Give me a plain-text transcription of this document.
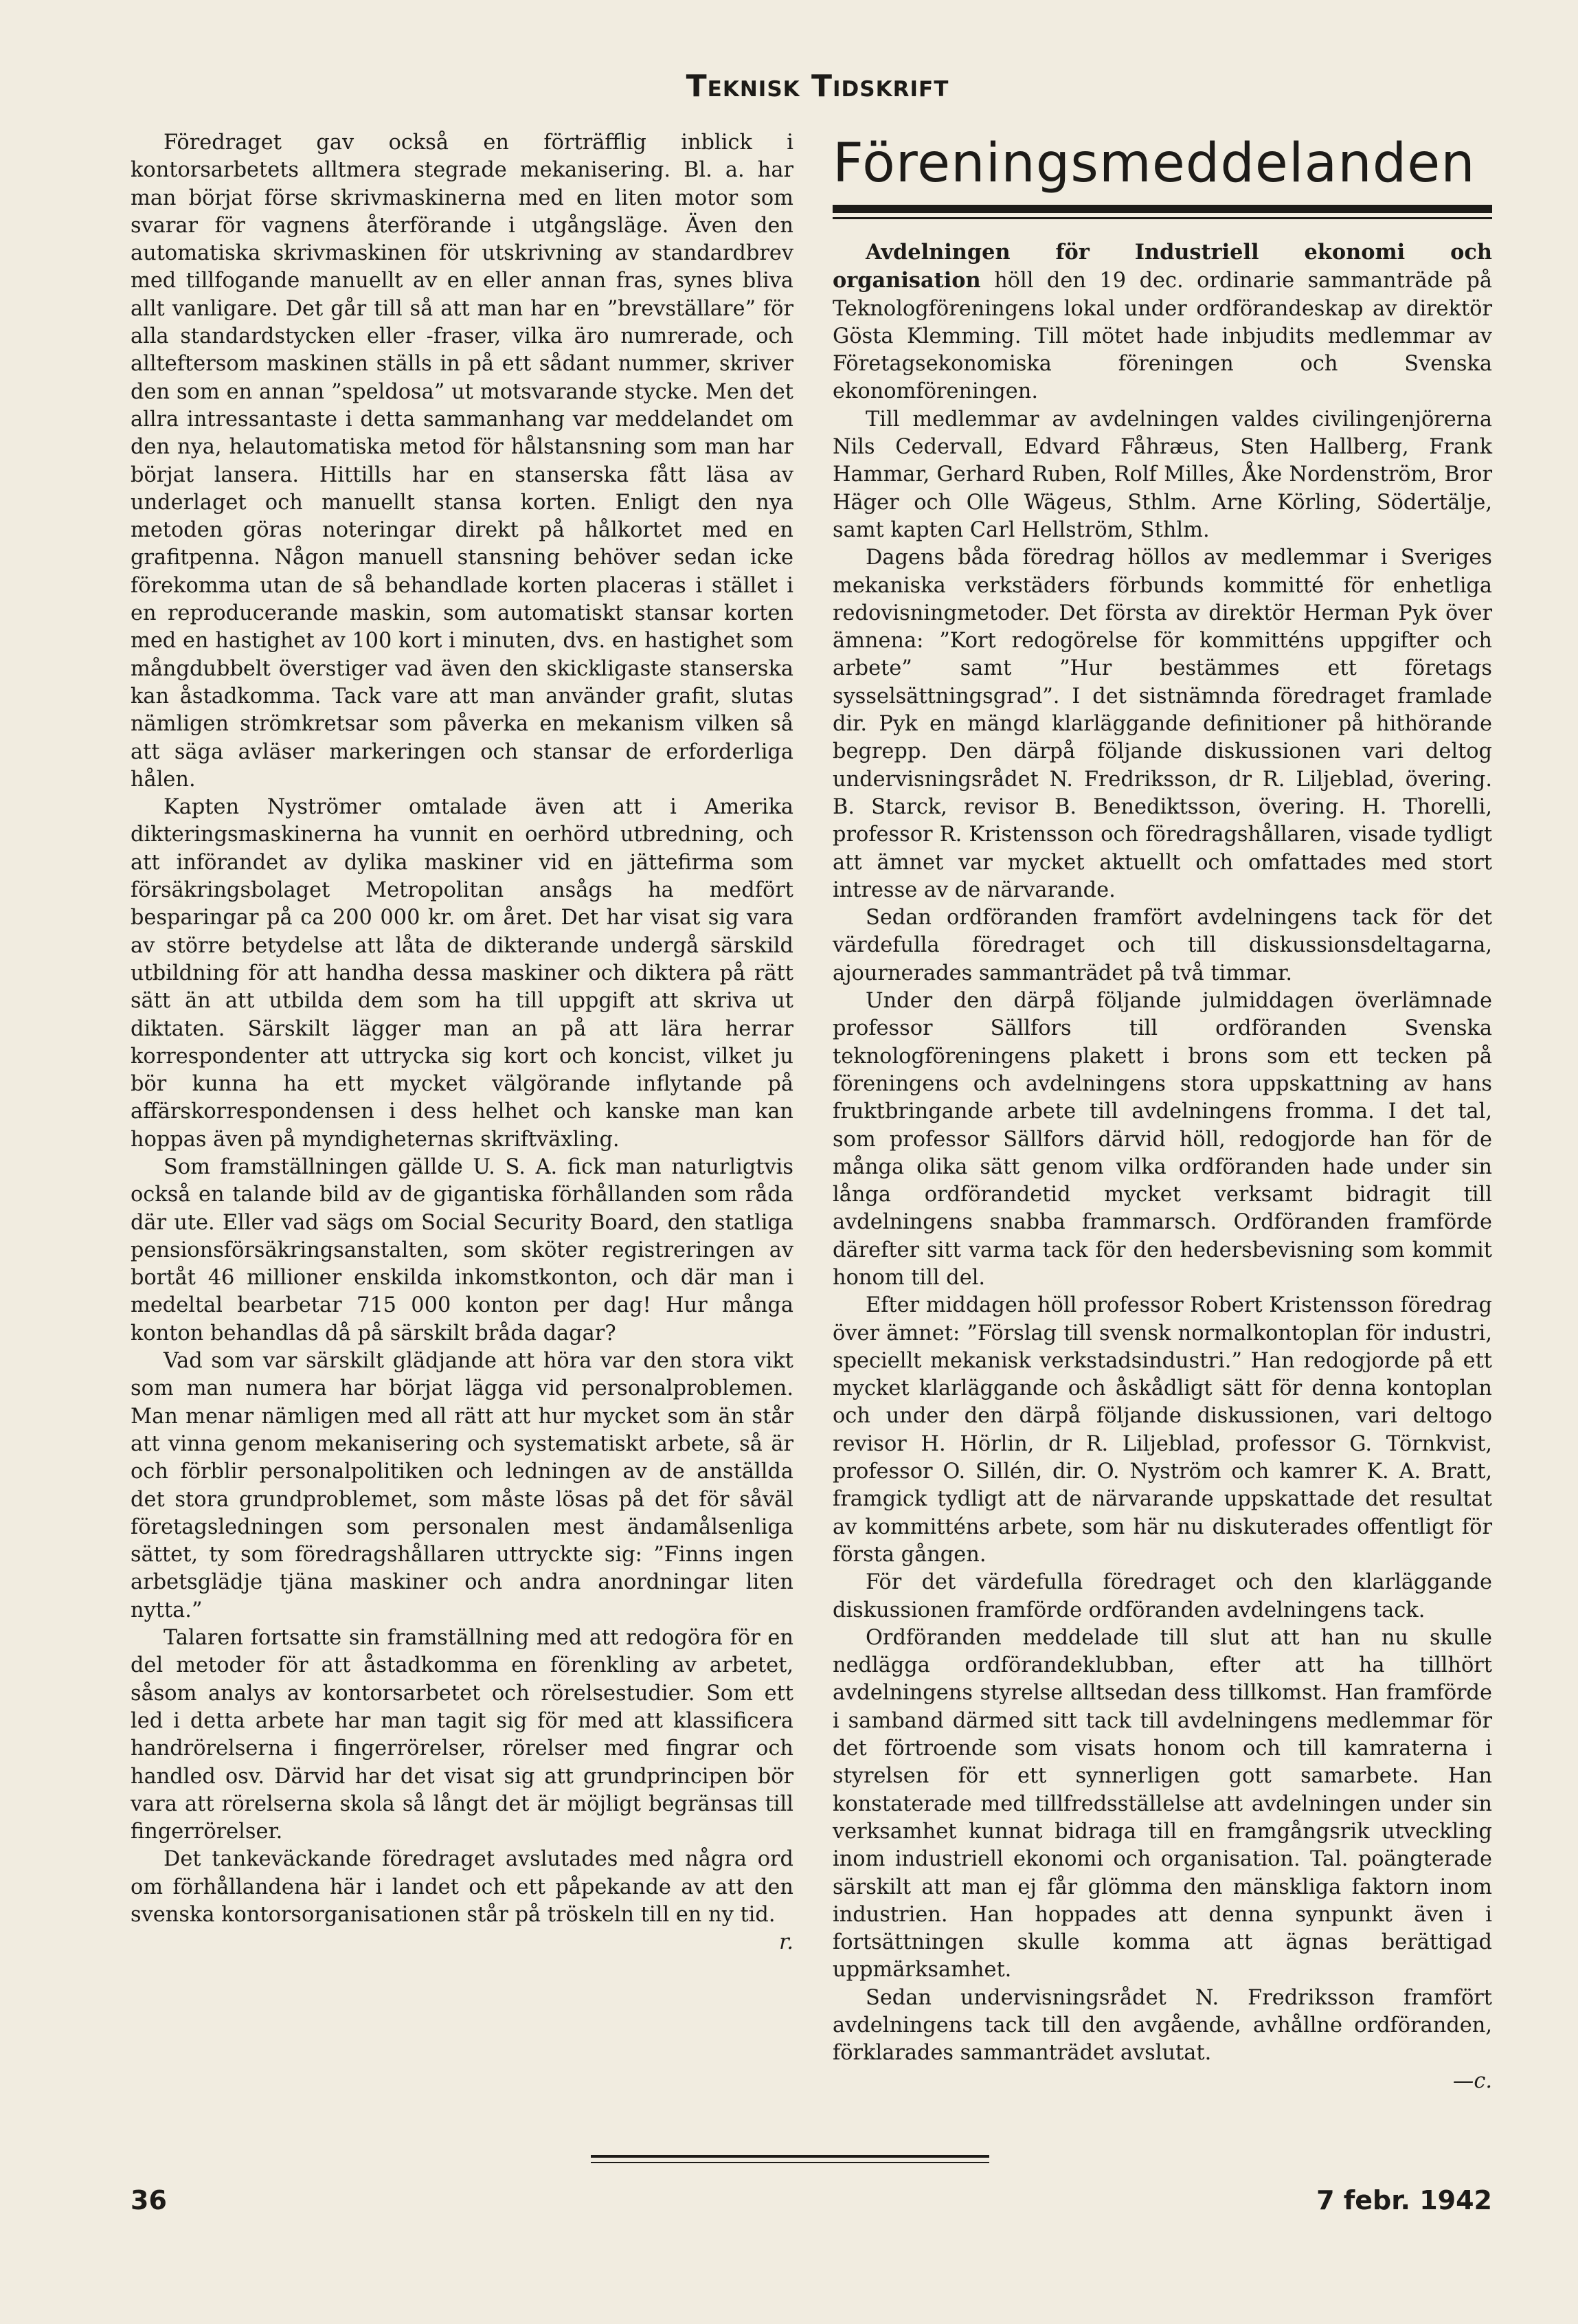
Teknisk Tidskrift

Föredraget gav också en förträfflig inblick i kontorsarbetets alltmera stegrade mekanisering. Bl. a. har man börjat förse skrivmaskinerna med en liten motor som svarar för vagnens återförande i utgångsläge. Även den automatiska skrivmaskinen för utskrivning av standardbrev med tillfogande manuellt av en eller annan fras, synes bliva allt vanligare. Det går till så att man har en ”brevställare” för alla standardstycken eller -fraser, vilka äro numrerade, och allteftersom maskinen ställs in på ett sådant nummer, skriver den som en annan ”speldosa” ut motsvarande stycke. Men det allra intressantaste i detta sammanhang var meddelandet om den nya, helautomatiska metod för hålstansning som man har börjat lansera. Hittills har en stanserska fått läsa av underlaget och manuellt stansa korten. Enligt den nya metoden göras noteringar direkt på hålkortet med en grafitpenna. Någon manuell stansning behöver sedan icke förekomma utan de så behandlade korten placeras i stället i en reproducerande maskin, som automatiskt stansar korten med en hastighet av 100 kort i minuten, dvs. en hastighet som mångdubbelt överstiger vad även den skickligaste stanserska kan åstadkomma. Tack vare att man använder grafit, slutas nämligen strömkretsar som påverka en mekanism vilken så att säga avläser markeringen och stansar de erforderliga hålen.

Kapten Nyströmer omtalade även att i Amerika dikteringsmaskinerna ha vunnit en oerhörd utbredning, och att införandet av dylika maskiner vid en jättefirma som försäkringsbolaget Metropolitan ansågs ha medfört besparingar på ca 200 000 kr. om året. Det har visat sig vara av större betydelse att låta de dikterande undergå särskild utbildning för att handha dessa maskiner och diktera på rätt sätt än att utbilda dem som ha till uppgift att skriva ut diktaten. Särskilt lägger man an på att lära herrar korrespondenter att uttrycka sig kort och koncist, vilket ju bör kunna ha ett mycket välgörande inflytande på affärskorrespondensen i dess helhet och kanske man kan hoppas även på myndigheternas skriftväxling.

Som framställningen gällde U. S. A. fick man naturligtvis också en talande bild av de gigantiska förhållanden som råda där ute. Eller vad sägs om Social Security Board, den statliga pensionsförsäkringsanstalten, som sköter registreringen av bortåt 46 millioner enskilda inkomstkonton, och där man i medeltal bearbetar 715 000 konton per dag! Hur många konton behandlas då på särskilt bråda dagar?

Vad som var särskilt glädjande att höra var den stora vikt som man numera har börjat lägga vid personalproblemen. Man menar nämligen med all rätt att hur mycket som än står att vinna genom mekanisering och systematiskt arbete, så är och förblir personalpolitiken och ledningen av de anställda det stora grundproblemet, som måste lösas på det för såväl företagsledningen som personalen mest ändamålsenliga sättet, ty som föredragshållaren uttryckte sig: ”Finns ingen arbetsglädje tjäna maskiner och andra anordningar liten nytta.”

Talaren fortsatte sin framställning med att redogöra för en del metoder för att åstadkomma en förenkling av arbetet, såsom analys av kontorsarbetet och rörelsestudier. Som ett led i detta arbete har man tagit sig för med att klassificera handrörelserna i fingerrörelser, rörelser med fingrar och handled osv. Därvid har det visat sig att grundprincipen bör vara att rörelserna skola så långt det är möjligt begränsas till fingerrörelser.

Det tankeväckande föredraget avslutades med några ord om förhållandena här i landet och ett påpekande av att den svenska kontorsorganisationen står på tröskeln till en ny tid.

r.
Föreningsmeddelanden

Avdelningen för Industriell ekonomi och organisation höll den 19 dec. ordinarie sammanträde på Teknologföreningens lokal under ordförandeskap av direktör Gösta Klemming. Till mötet hade inbjudits medlemmar av Företagsekonomiska föreningen och Svenska ekonomföreningen.

Till medlemmar av avdelningen valdes civilingenjörerna Nils Cedervall, Edvard Fåhræus, Sten Hallberg, Frank Hammar, Gerhard Ruben, Rolf Milles, Åke Nordenström, Bror Häger och Olle Wägeus, Sthlm. Arne Körling, Södertälje, samt kapten Carl Hellström, Sthlm.

Dagens båda föredrag höllos av medlemmar i Sveriges mekaniska verkstäders förbunds kommitté för enhetliga redovisningmetoder. Det första av direktör Herman Pyk över ämnena: ”Kort redogörelse för kommitténs uppgifter och arbete” samt ”Hur bestämmes ett företags sysselsättningsgrad”. I det sistnämnda föredraget framlade dir. Pyk en mängd klarläggande definitioner på hithörande begrepp. Den därpå följande diskussionen vari deltog undervisningsrådet N. Fredriksson, dr R. Liljeblad, övering. B. Starck, revisor B. Benediktsson, övering. H. Thorelli, professor R. Kristensson och föredragshållaren, visade tydligt att ämnet var mycket aktuellt och omfattades med stort intresse av de närvarande.

Sedan ordföranden framfört avdelningens tack för det värdefulla föredraget och till diskussionsdeltagarna, ajournerades sammanträdet på två timmar.

Under den därpå följande julmiddagen överlämnade professor Sällfors till ordföranden Svenska teknologföreningens plakett i brons som ett tecken på föreningens och avdelningens stora uppskattning av hans fruktbringande arbete till avdelningens fromma. I det tal, som professor Sällfors därvid höll, redogjorde han för de många olika sätt genom vilka ordföranden hade under sin långa ordförandetid mycket verksamt bidragit till avdelningens snabba frammarsch. Ordföranden framförde därefter sitt varma tack för den hedersbevisning som kommit honom till del.

Efter middagen höll professor Robert Kristensson föredrag över ämnet: ”Förslag till svensk normalkontoplan för industri, speciellt mekanisk verkstadsindustri.” Han redogjorde på ett mycket klarläggande och åskådligt sätt för denna kontoplan och under den därpå följande diskussionen, vari deltogo revisor H. Hörlin, dr R. Liljeblad, professor G. Törnkvist, professor O. Sillén, dir. O. Nyström och kamrer K. A. Bratt, framgick tydligt att de närvarande uppskattade det resultat av kommitténs arbete, som här nu diskuterades offentligt för första gången.

För det värdefulla föredraget och den klarläggande diskussionen framförde ordföranden avdelningens tack.

Ordföranden meddelade till slut att han nu skulle nedlägga ordförandeklubban, efter att ha tillhört avdelningens styrelse alltsedan dess tillkomst. Han framförde i samband därmed sitt tack till avdelningens medlemmar för det förtroende som visats honom och till kamraterna i styrelsen för ett synnerligen gott samarbete. Han konstaterade med tillfredsställelse att avdelningen under sin verksamhet kunnat bidraga till en framgångsrik utveckling inom industriell ekonomi och organisation. Tal. poängterade särskilt att man ej får glömma den mänskliga faktorn inom industrien. Han hoppades att denna synpunkt även i fortsättningen skulle komma att ägnas berättigad uppmärksamhet.

Sedan undervisningsrådet N. Fredriksson framfört avdelningens tack till den avgående, avhållne ordföranden, förklarades sammanträdet avslutat.

—c.
36	7 febr. 1942
